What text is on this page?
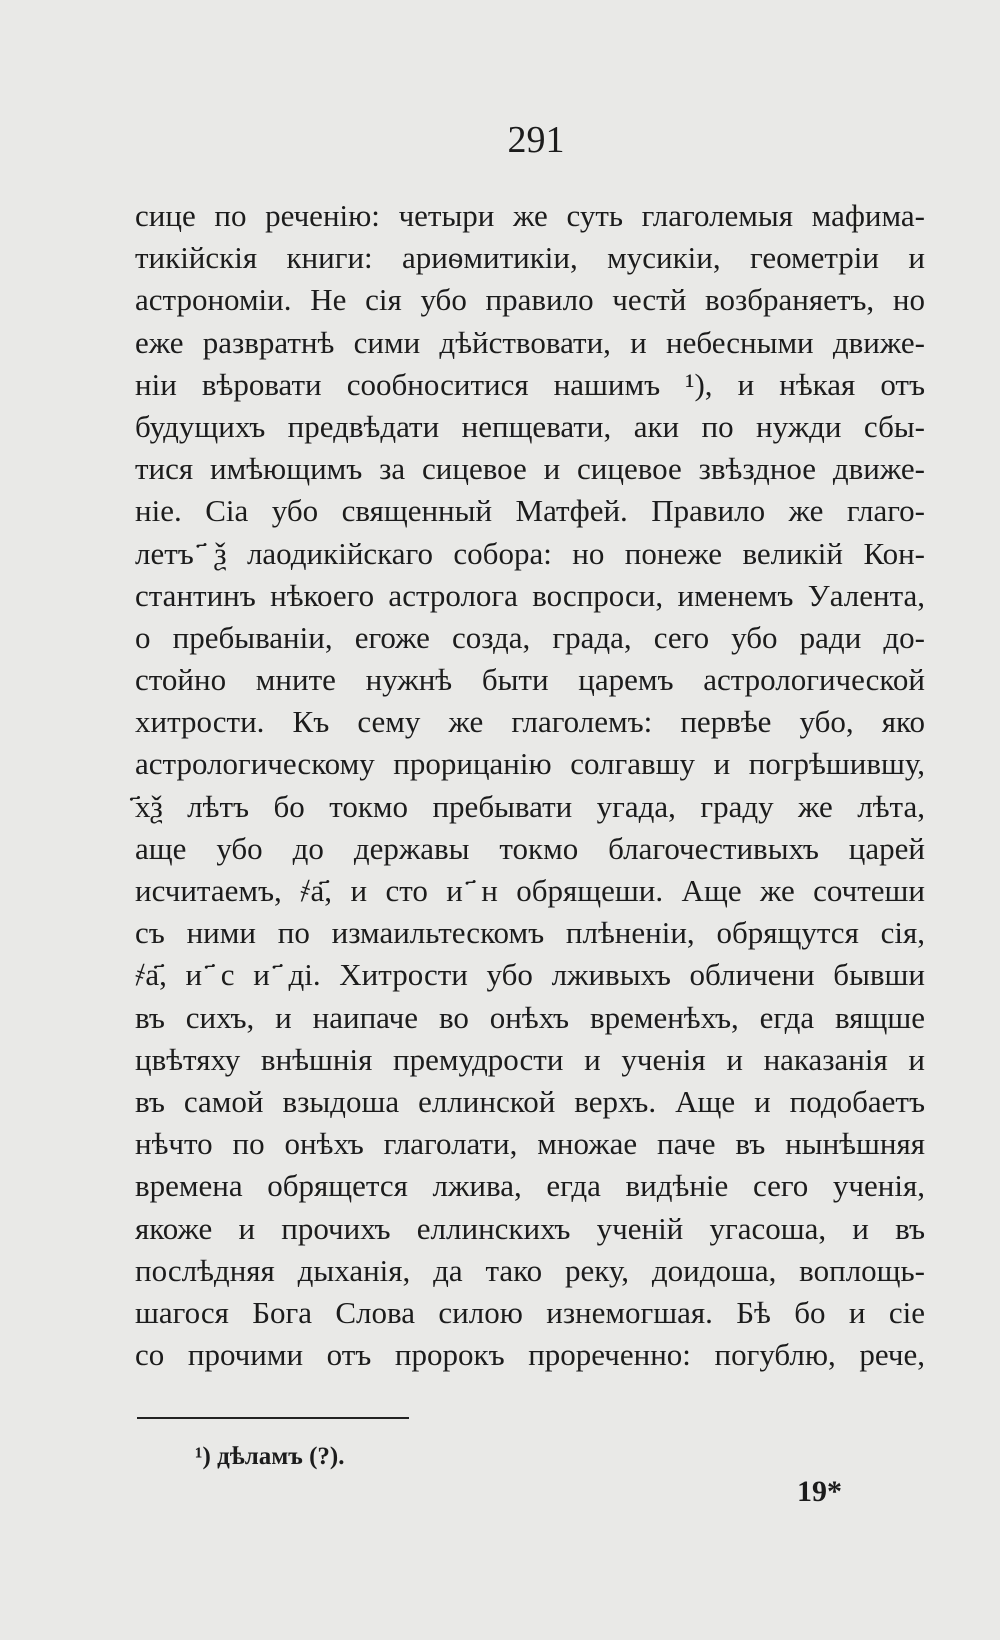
291
сице по реченію: четыри же суть глаголемыя мафима-
тикійскія книги: ариѳмитикіи, мусикіи, геометріи и
астрономіи. Не сія убо правило честй возбраняетъ, но
еже развратнѣ сими дѣйствовати, и небесными движе-
ніи вѣровати сообноситися нашимъ ¹), и нѣкая отъ
будущихъ предвѣдати непщевати, аки по нужди сбы-
тися имѣющимъ за сицевое и сицевое звѣздное движе-
ніе. Сіа убо священный Матфей. Правило же глаго-
летъ ҃ѯ лаодикійскаго собора: но понеже великій Кон-
стантинъ нѣкоего астролога воспроси, именемъ Уалента,
о пребываніи, егоже созда, града, сего убо ради до-
стойно мните нужнѣ быти царемъ астрологической
хитрости. Къ сему же глаголемъ: первѣе убо, яко
астрологическому прорицанію солгавшу и погрѣшившу,
҃хѯ лѣтъ бо токмо пребывати угада, граду же лѣта,
аще убо до державы токмо благочестивыхъ царей
исчитаемъ, ҂а҃, и сто и ҃н обрящеши. Аще же сочтеши
съ ними по измаильтескомъ плѣненіи, обрящутся сія,
҂а҃, и ҃с и ҃ді. Хитрости убо лживыхъ обличени бывши
въ сихъ, и наипаче во онѣхъ временѣхъ, егда вящше
цвѣтяху внѣшнія премудрости и ученія и наказанія и
въ самой взыдоша еллинской верхъ. Аще и подобаетъ
нѣчто по онѣхъ глаголати, множае паче въ нынѣшняя
времена обрящется лжива, егда видѣніе сего ученія,
якоже и прочихъ еллинскихъ ученій угасоша, и въ
послѣдняя дыханія, да тако реку, доидоша, воплощь-
шагося Бога Слова силою изнемогшая. Бѣ бо и сіе
со прочими отъ пророкъ прореченно: погублю, рече,
¹) дѣламъ (?).
19*
